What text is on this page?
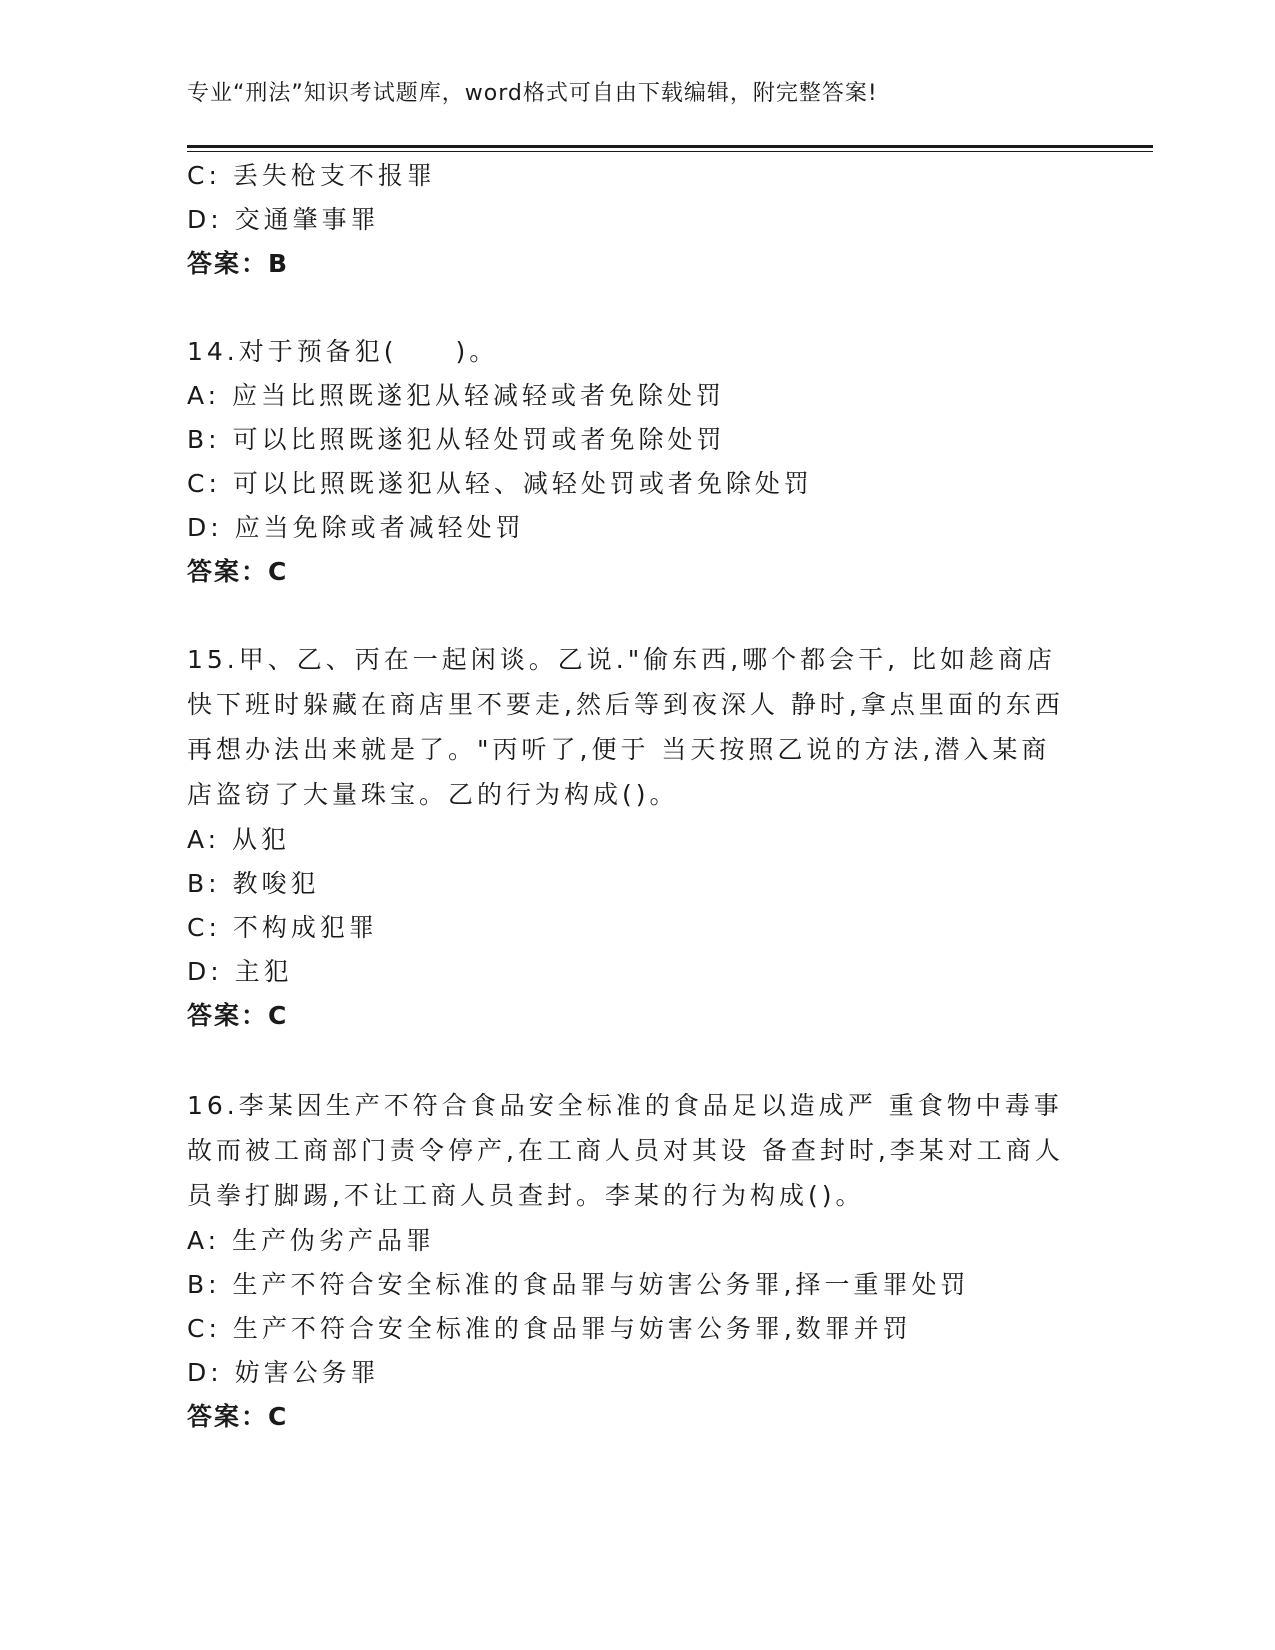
专业“刑法”知识考试题库，word格式可自由下载编辑，附完整答案!
C: 丢失枪支不报罪
D: 交通肇事罪
答案：B
14.对于预备犯(　　)。
A: 应当比照既遂犯从轻减轻或者免除处罚
B: 可以比照既遂犯从轻处罚或者免除处罚
C: 可以比照既遂犯从轻、减轻处罚或者免除处罚
D: 应当免除或者减轻处罚
答案：C
15.甲、乙、丙在一起闲谈。乙说."偷东西,哪个都会干, 比如趁商店
快下班时躲藏在商店里不要走,然后等到夜深人 静时,拿点里面的东西
再想办法出来就是了。"丙听了,便于 当天按照乙说的方法,潜入某商
店盗窃了大量珠宝。乙的行为构成()。
A: 从犯
B: 教唆犯
C: 不构成犯罪
D: 主犯
答案：C
16.李某因生产不符合食品安全标准的食品足以造成严 重食物中毒事
故而被工商部门责令停产,在工商人员对其设 备查封时,李某对工商人
员拳打脚踢,不让工商人员查封。李某的行为构成()。
A: 生产伪劣产品罪
B: 生产不符合安全标准的食品罪与妨害公务罪,择一重罪处罚
C: 生产不符合安全标准的食品罪与妨害公务罪,数罪并罚
D: 妨害公务罪
答案：C
